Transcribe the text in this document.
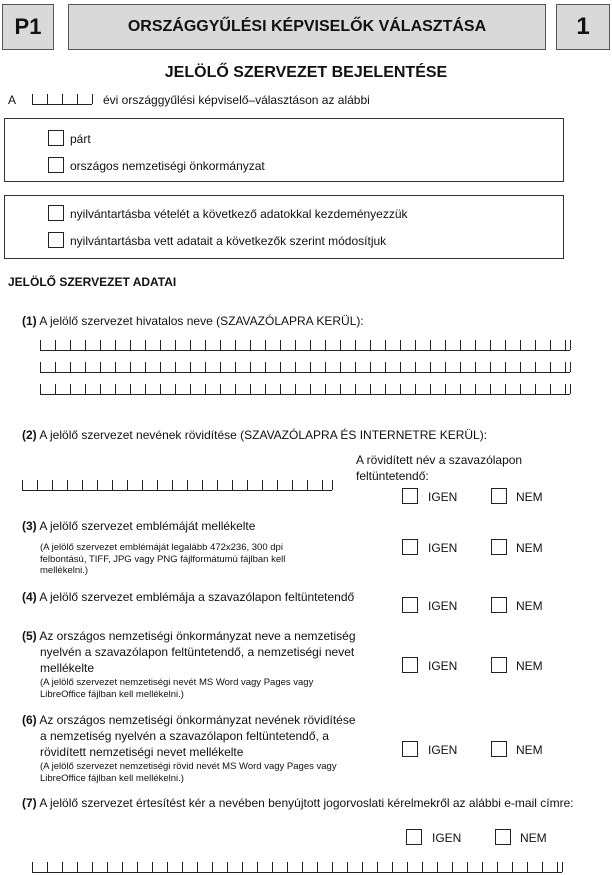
P1	ORSZÁGGYŰLÉSI KÉPVISELŐK VÁLASZTÁSA	1
JELÖLŐ SZERVEZET BEJELENTÉSE
A	évi országgyűlési képviselő–választáson az alábbi
párt
országos nemzetiségi önkormányzat
nyilvántartásba vételét a következő adatokkal kezdeményezzük
nyilvántartásba vett adatait a következők szerint módosítjuk
JELÖLŐ SZERVEZET ADATAI
(1) A jelölő szervezet hivatalos neve (SZAVAZÓLAPRA KERÜL):
(2) A jelölő szervezet nevének rövidítése (SZAVAZÓLAPRA ÉS INTERNETRE KERÜL):
A rövidített név a szavazólapon feltüntetendő:
IGEN	NEM
(3) A jelölő szervezet emblémáját mellékelte
(A jelölő szervezet emblémáját legalább 472x236, 300 dpi felbontású, TIFF, JPG vagy PNG fájlformátumú fájlban kell mellékelni.)
IGEN	NEM
(4) A jelölő szervezet emblémája a szavazólapon feltüntetendő
IGEN	NEM
(5) Az országos nemzetiségi önkormányzat neve a nemzetiség nyelvén a szavazólapon feltüntetendő, a nemzetiségi nevet mellékelte
(A jelölő szervezet nemzetiségi nevét MS Word vagy Pages vagy LibreOffice fájlban kell mellékelni.)
IGEN	NEM
(6) Az országos nemzetiségi önkormányzat nevének rövidítése a nemzetiség nyelvén a szavazólapon feltüntetendő, a rövidített nemzetiségi nevet mellékelte
(A jelölő szervezet nemzetiségi rövid nevét MS Word vagy Pages vagy LibreOffice fájlban kell mellékelni.)
IGEN	NEM
(7) A jelölő szervezet értesítést kér a nevében benyújtott jogorvoslati kérelmekről az alábbi e-mail címre:
IGEN	NEM
